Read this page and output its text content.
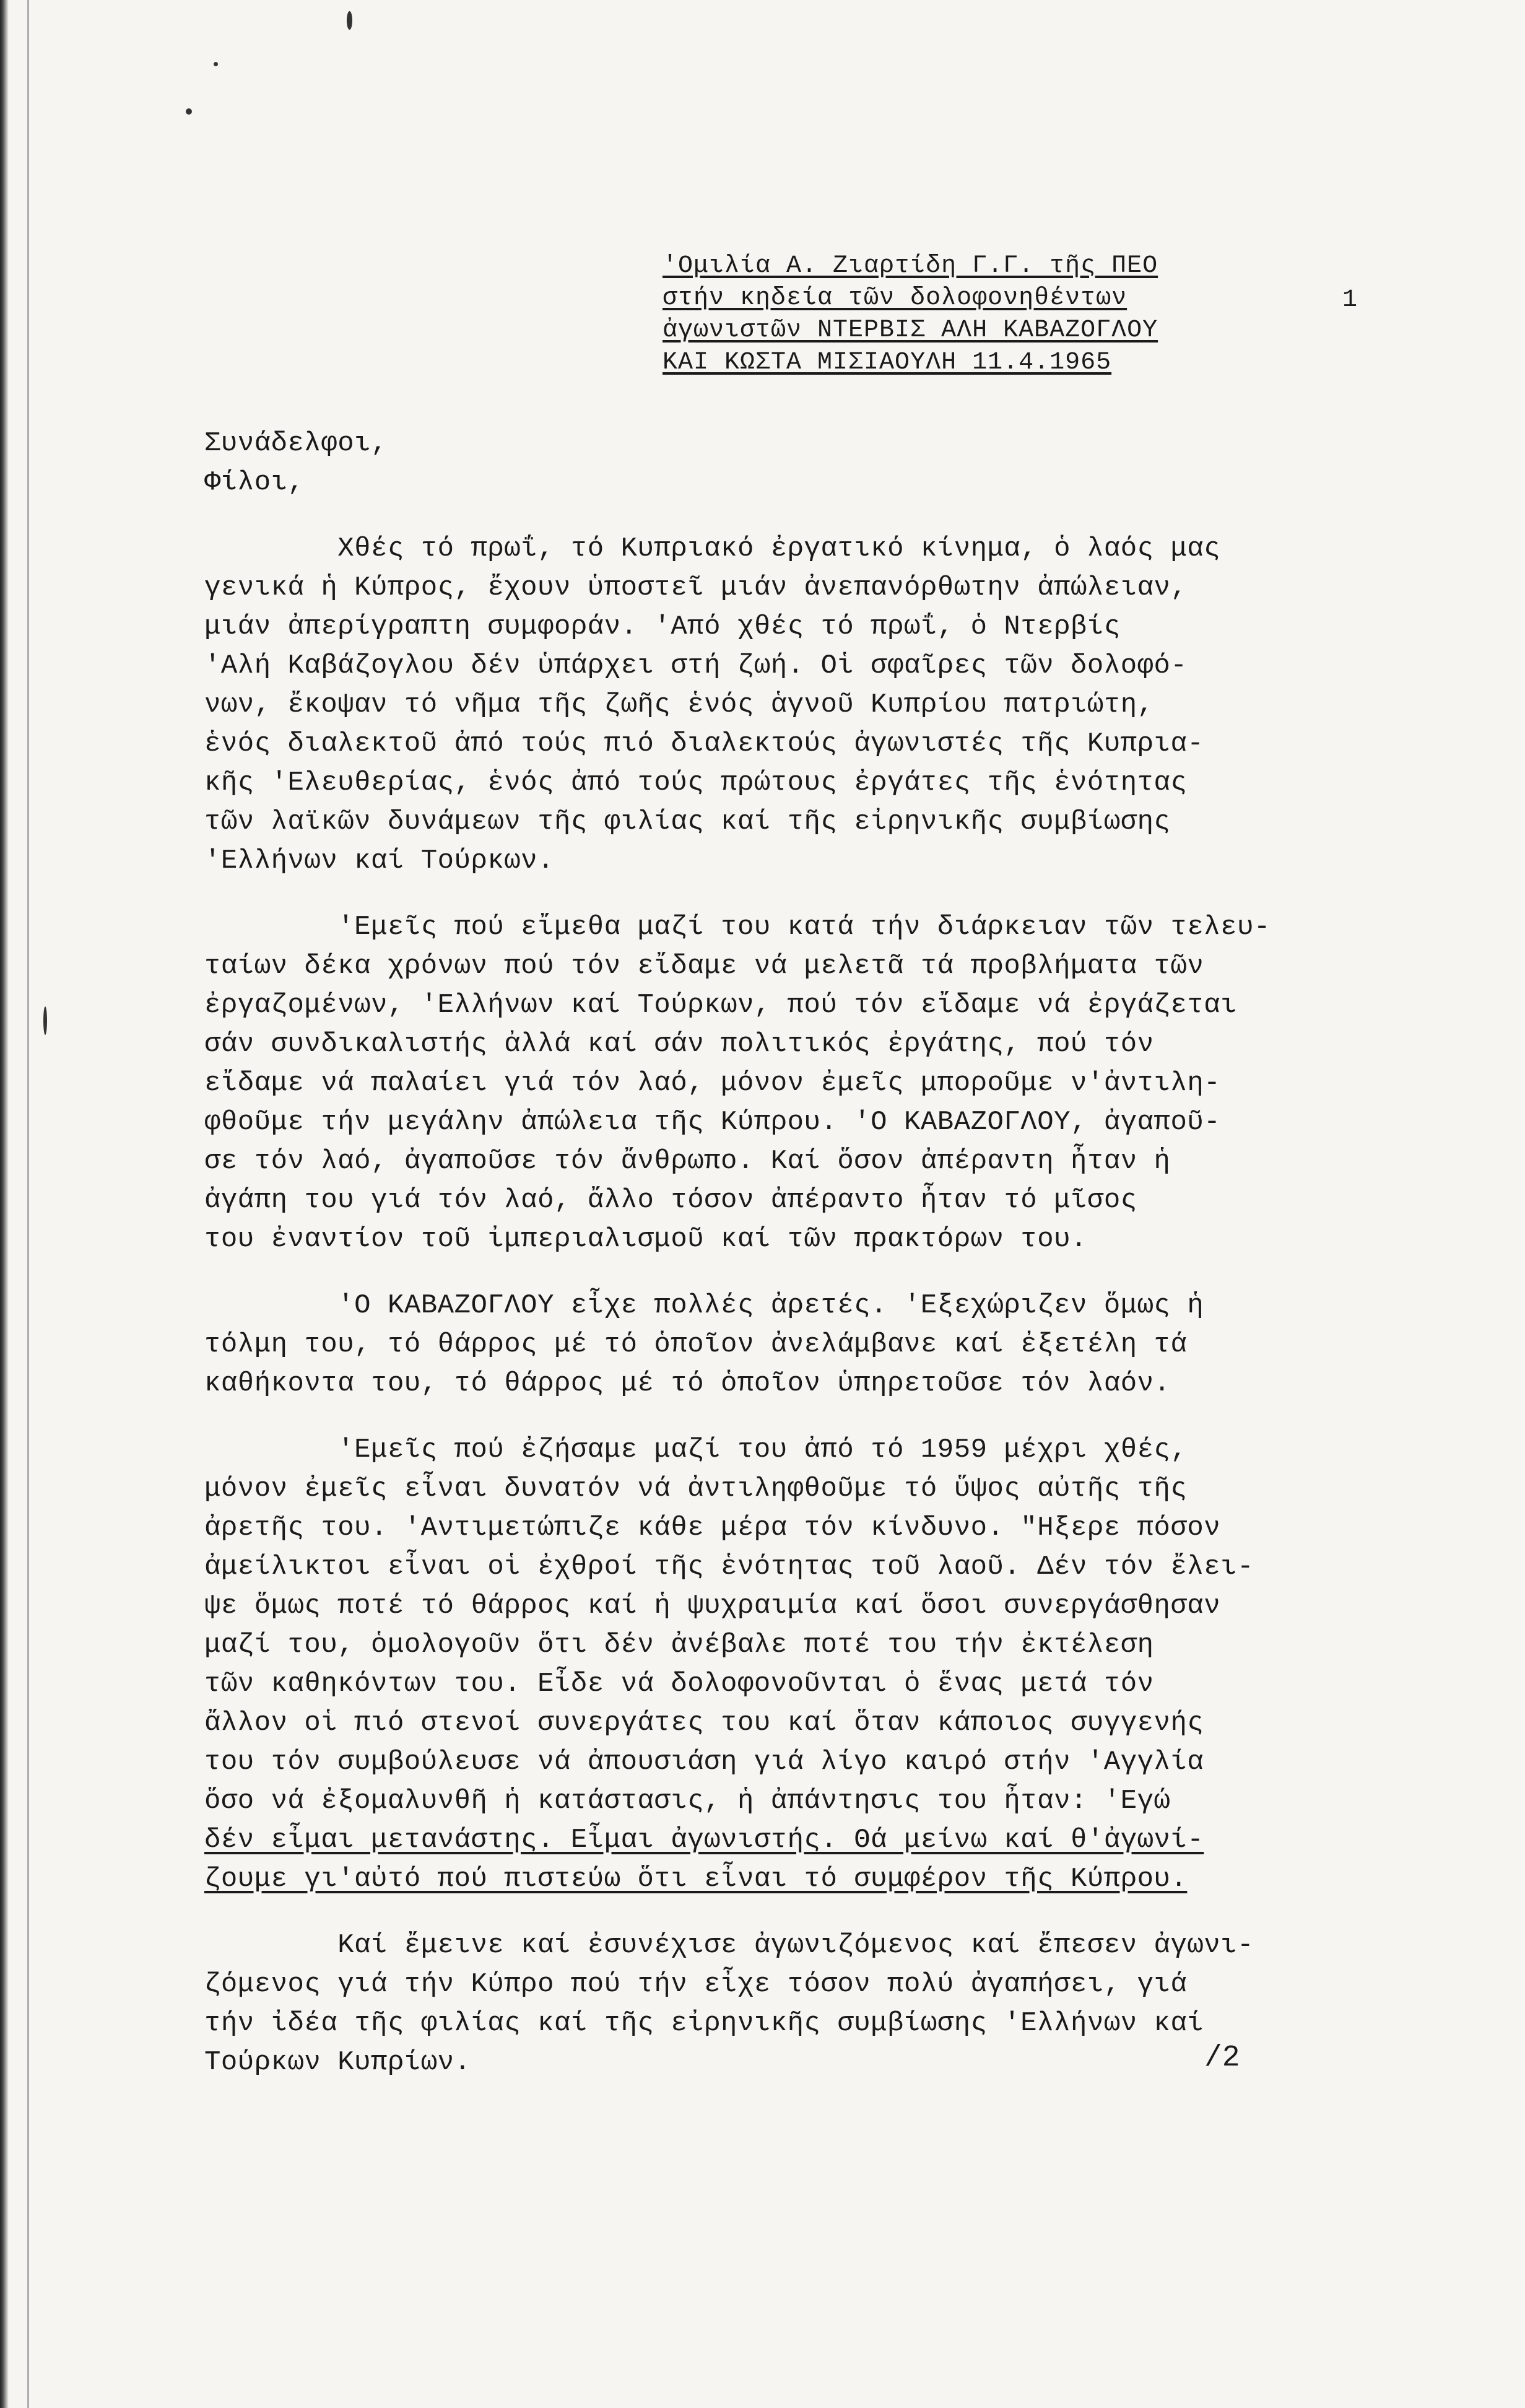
'Ομιλία Α. Ζιαρτίδη Γ.Γ. τῆς ΠΕΟ
στήν κηδεία τῶν δολοφονηθέντων
ἀγωνιστῶν ΝΤΕΡΒΙΣ ΑΛΗ ΚΑΒΑΖΟΓΛΟΥ
ΚΑΙ ΚΩΣΤΑ ΜΙΣΙΑΟΥΛΗ 11.4.1965
1
Συνάδελφοι,
Φίλοι,
Χθές τό πρωΐ, τό Κυπριακό ἐργατικό κίνημα, ὁ λαός μας
γενικά ἡ Κύπρος, ἔχουν ὑποστεῖ μιάν ἀνεπανόρθωτην ἀπώλειαν,
μιάν ἀπερίγραπτη συμφοράν. 'Από χθές τό πρωΐ, ὁ Ντερβίς
'Αλή Καβάζογλου δέν ὑπάρχει στή ζωή. Οἱ σφαῖρες τῶν δολοφό-
νων, ἔκοψαν τό νῆμα τῆς ζωῆς ἑνός ἁγνοῦ Κυπρίου πατριώτη,
ἑνός διαλεκτοῦ ἀπό τούς πιό διαλεκτούς ἀγωνιστές τῆς Κυπρια-
κῆς 'Ελευθερίας, ἑνός ἀπό τούς πρώτους ἐργάτες τῆς ἑνότητας
τῶν λαϊκῶν δυνάμεων τῆς φιλίας καί τῆς εἰρηνικῆς συμβίωσης
'Ελλήνων καί Τούρκων.
'Εμεῖς πού εἴμεθα μαζί του κατά τήν διάρκειαν τῶν τελευ-
ταίων δέκα χρόνων πού τόν εἴδαμε νά μελετᾶ τά προβλήματα τῶν
ἐργαζομένων, 'Ελλήνων καί Τούρκων, πού τόν εἴδαμε νά ἐργάζεται
σάν συνδικαλιστής ἀλλά καί σάν πολιτικός ἐργάτης, πού τόν
εἴδαμε νά παλαίει γιά τόν λαό, μόνον ἐμεῖς μποροῦμε ν'ἀντιλη-
φθοῦμε τήν μεγάλην ἀπώλεια τῆς Κύπρου. 'Ο ΚΑΒΑΖΟΓΛΟΥ, ἀγαποῦ-
σε τόν λαό, ἀγαποῦσε τόν ἄνθρωπο. Καί ὅσον ἀπέραντη ἦταν ἡ
ἀγάπη του γιά τόν λαό, ἄλλο τόσον ἀπέραντο ἦταν τό μῖσος
του ἐναντίον τοῦ ἰμπεριαλισμοῦ καί τῶν πρακτόρων του.
'Ο ΚΑΒΑΖΟΓΛΟΥ εἶχε πολλές ἀρετές. 'Εξεχώριζεν ὅμως ἡ
τόλμη του, τό θάρρος μέ τό ὁποῖον ἀνελάμβανε καί ἐξετέλη τά
καθήκοντα του, τό θάρρος μέ τό ὁποῖον ὑπηρετοῦσε τόν λαόν.
'Εμεῖς πού ἐζήσαμε μαζί του ἀπό τό 1959 μέχρι χθές,
μόνον ἐμεῖς εἶναι δυνατόν νά ἀντιληφθοῦμε τό ὕψος αὐτῆς τῆς
ἀρετῆς του. 'Αντιμετώπιζε κάθε μέρα τόν κίνδυνο. "Ηξερε πόσον
ἀμείλικτοι εἶναι οἱ ἐχθροί τῆς ἑνότητας τοῦ λαοῦ. Δέν τόν ἔλει-
ψε ὅμως ποτέ τό θάρρος καί ἡ ψυχραιμία καί ὅσοι συνεργάσθησαν
μαζί του, ὁμολογοῦν ὅτι δέν ἀνέβαλε ποτέ του τήν ἐκτέλεση
τῶν καθηκόντων του. Εἶδε νά δολοφονοῦνται ὁ ἕνας μετά τόν
ἄλλον οἱ πιό στενοί συνεργάτες του καί ὅταν κάποιος συγγενής
του τόν συμβούλευσε νά ἀπουσιάση γιά λίγο καιρό στήν 'Αγγλία
ὅσο νά ἐξομαλυνθῆ ἡ κατάστασις, ἡ ἀπάντησις του ἦταν: 'Εγώ
δέν εἶμαι μετανάστης. Εἶμαι ἀγωνιστής. Θά μείνω καί θ'ἀγωνί-
ζουμε γι'αὐτό πού πιστεύω ὅτι εἶναι τό συμφέρον τῆς Κύπρου.
Καί ἔμεινε καί ἐσυνέχισε ἀγωνιζόμενος καί ἔπεσεν ἀγωνι-
ζόμενος γιά τήν Κύπρο πού τήν εἶχε τόσον πολύ ἀγαπήσει, γιά
τήν ἰδέα τῆς φιλίας καί τῆς εἰρηνικῆς συμβίωσης 'Ελλήνων καί
Τούρκων Κυπρίων.	/2
